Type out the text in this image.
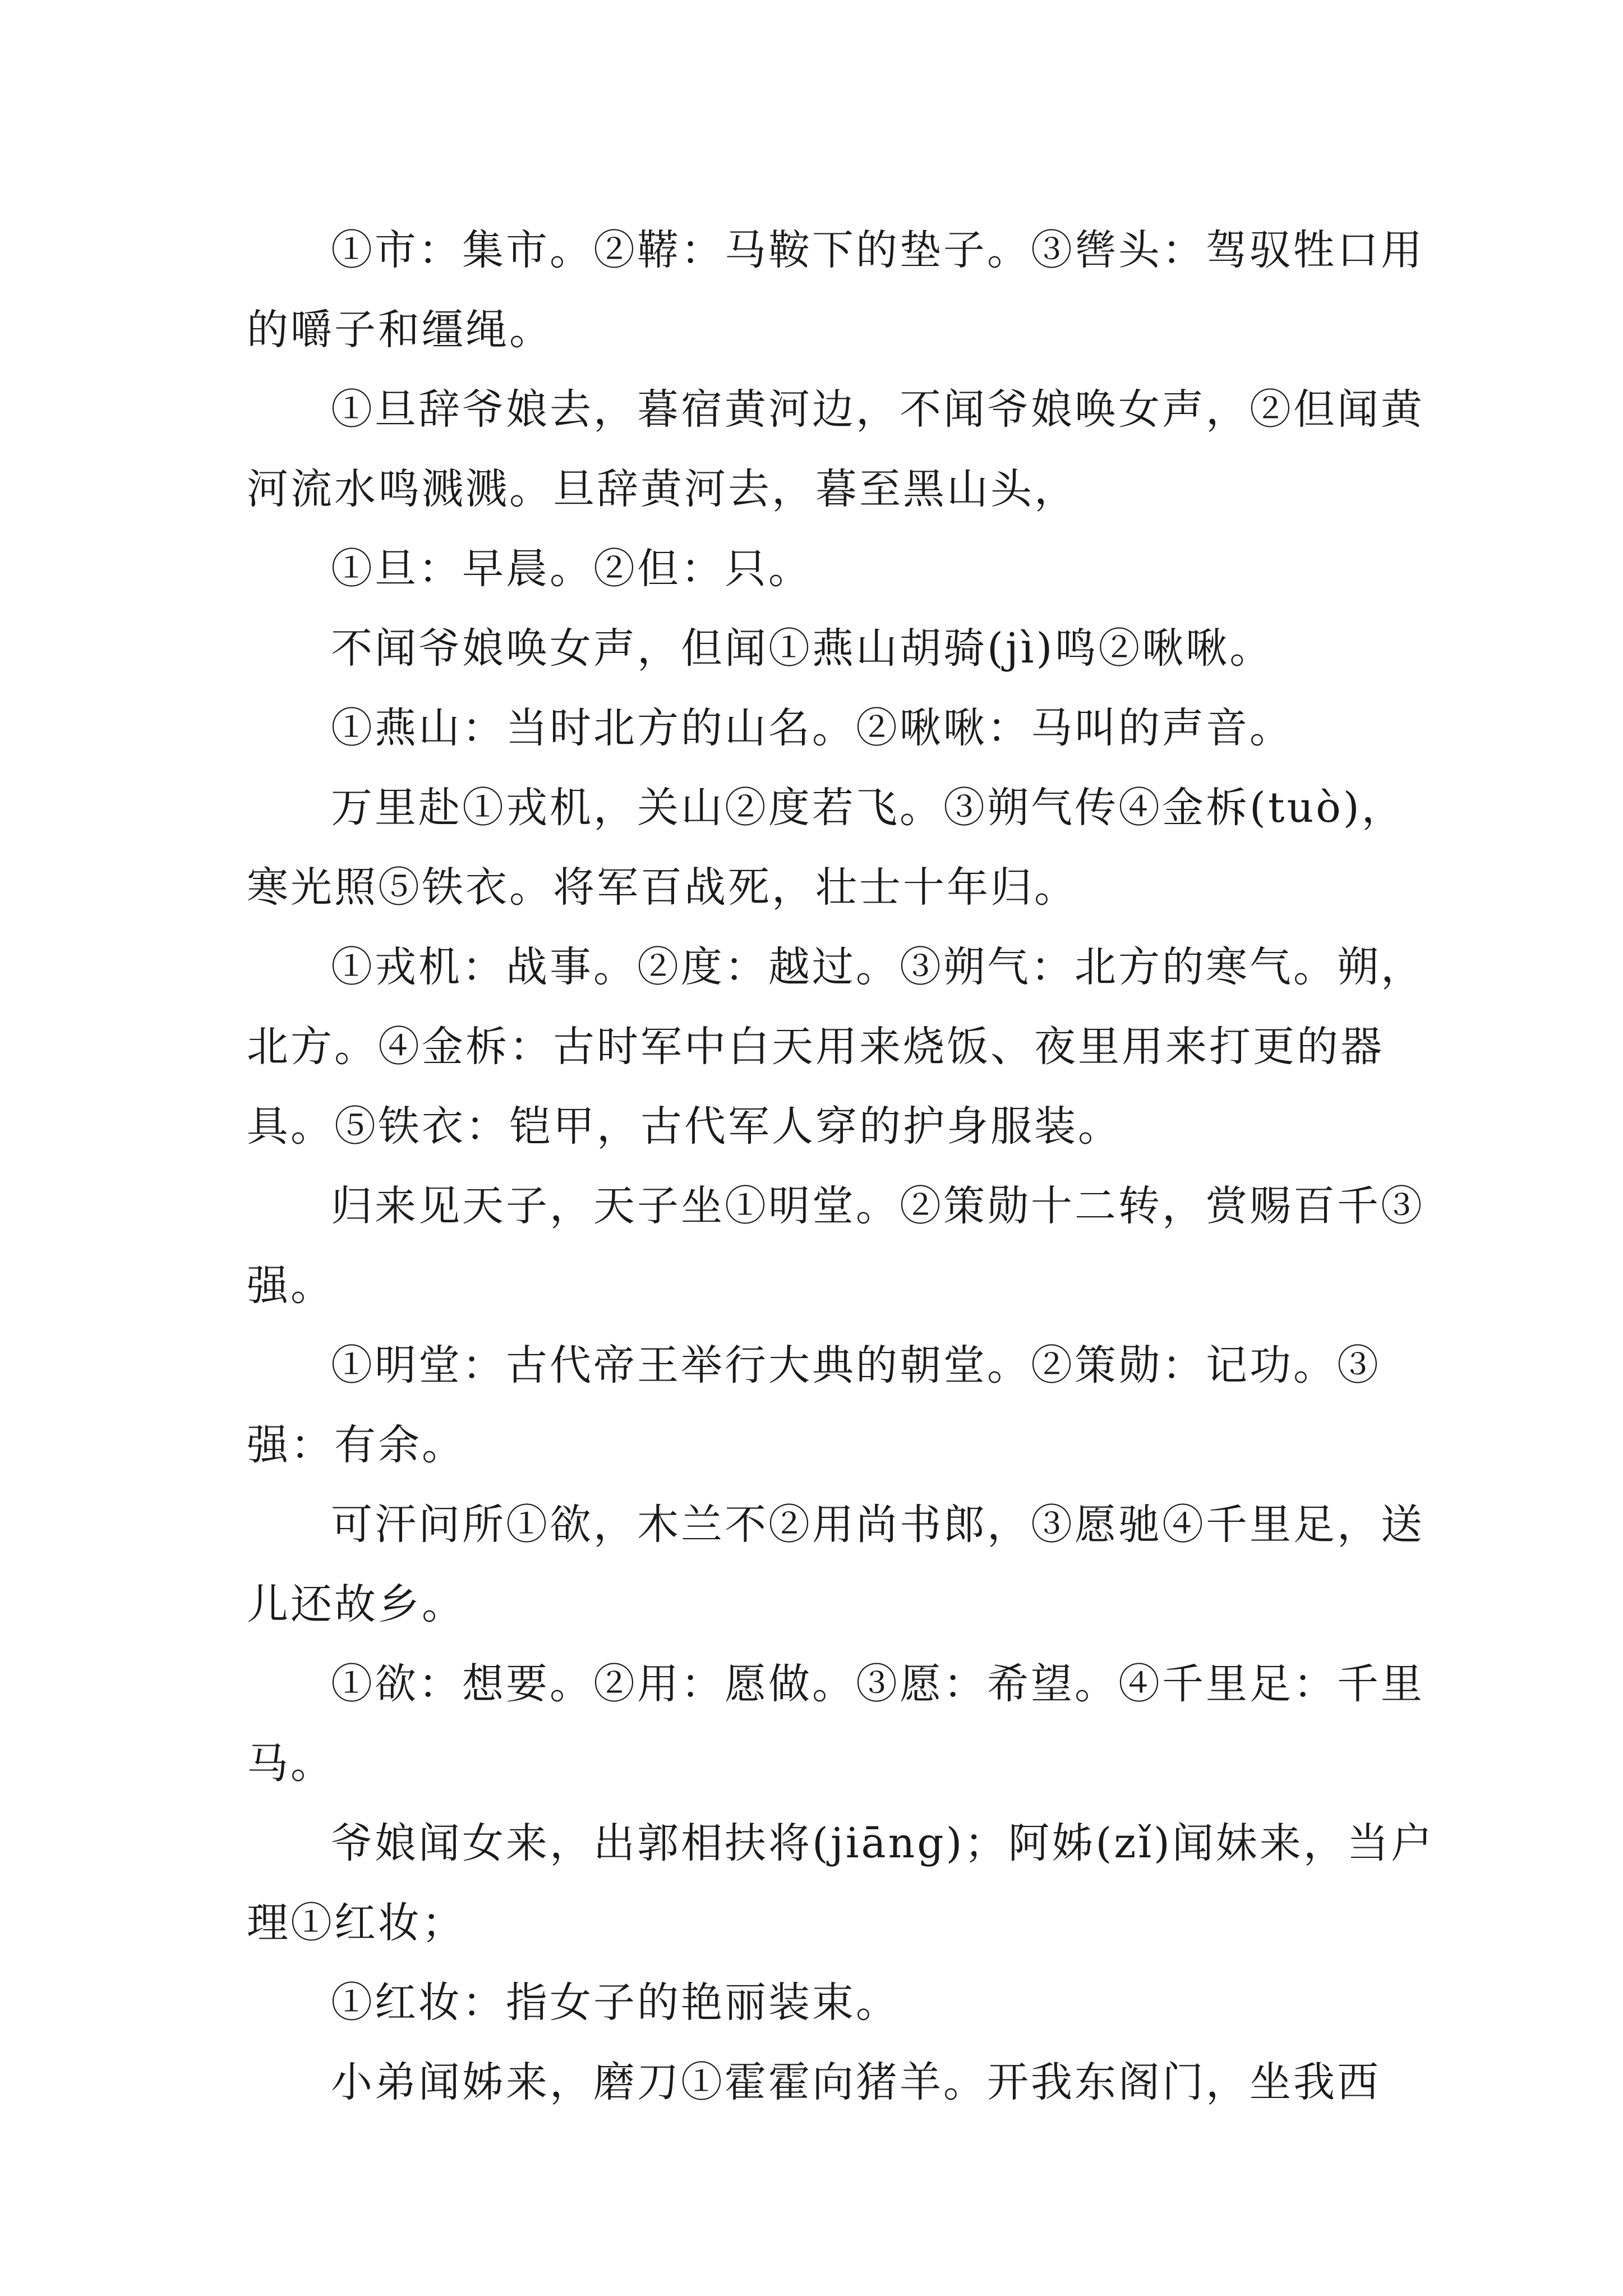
①市：集市。②鞯：马鞍下的垫子。③辔头：驾驭牲口用的嚼子和缰绳。

①旦辞爷娘去，暮宿黄河边，不闻爷娘唤女声，②但闻黄河流水鸣溅溅。旦辞黄河去，暮至黑山头，

①旦：早晨。②但：只。

不闻爷娘唤女声，但闻①燕山胡骑(jì)鸣②啾啾。

①燕山：当时北方的山名。②啾啾：马叫的声音。

万里赴①戎机，关山②度若飞。③朔气传④金柝(tuò)，寒光照⑤铁衣。将军百战死，壮士十年归。

①戎机：战事。②度：越过。③朔气：北方的寒气。朔，北方。④金柝：古时军中白天用来烧饭、夜里用来打更的器具。⑤铁衣：铠甲，古代军人穿的护身服装。

归来见天子，天子坐①明堂。②策勋十二转，赏赐百千③强。

①明堂：古代帝王举行大典的朝堂。②策勋：记功。③强：有余。

可汗问所①欲，木兰不②用尚书郎，③愿驰④千里足，送儿还故乡。

①欲：想要。②用：愿做。③愿：希望。④千里足：千里马。

爷娘闻女来，出郭相扶将(jiāng)；阿姊(zǐ)闻妹来，当户理①红妆；

①红妆：指女子的艳丽装束。

小弟闻姊来，磨刀①霍霍向猪羊。开我东阁门，坐我西
